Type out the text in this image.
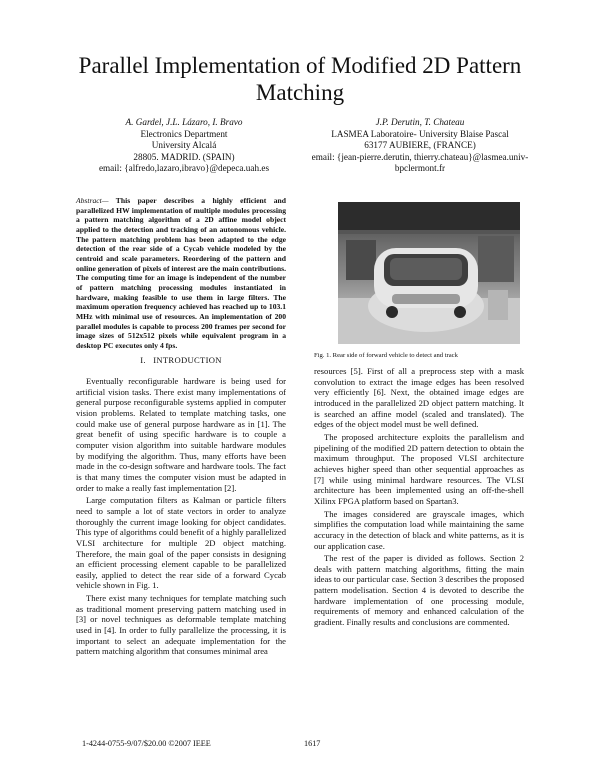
Parallel Implementation of Modified 2D Pattern Matching
A. Gardel, J.L. Lázaro, I. Bravo
Electronics Department
University Alcalá
28805. MADRID. (SPAIN)
email: {alfredo,lazaro,ibravo}@depeca.uah.es
J.P. Derutin, T. Chateau
LASMEA Laboratoire- University Blaise Pascal
63177 AUBIERE, (FRANCE)
email: {jean-pierre.derutin, thierry.chateau}@lasmea.univ-bpclermont.fr
Abstract— This paper describes a highly efficient and parallelized HW implementation of multiple modules processing a pattern matching algorithm of a 2D affine model object applied to the detection and tracking of an autonomous vehicle. The pattern matching problem has been adapted to the edge detection of the rear side of a Cycab vehicle modeled by the centroid and scale parameters. Reordering of the pattern and online generation of pixels of interest are the main contributions. The computing time for an image is independent of the number of pattern matching processing modules instantiated in hardware, making feasible to use them in large filters. The maximum operation frequency achieved has reached up to 103.1 MHz with minimal use of resources. An implementation of 200 parallel modules is capable to process 200 frames per second for image sizes of 512x512 pixels while equivalent program in a desktop PC executes only 4 fps.
I. INTRODUCTION

Eventually reconfigurable hardware is being used for artificial vision tasks. There exist many implementations of general purpose reconfigurable systems applied in computer vision problems. Related to template matching tasks, one could make use of general purpose hardware as in [1]. The great benefit of using specific hardware is to couple a computer vision algorithm into suitable hardware modules by modifying the algorithm. Thus, many efforts have been made in the co-design software and hardware tools. The fact is that many times the computer vision must be adapted in order to make a really fast implementation [2].

Large computation filters as Kalman or particle filters need to sample a lot of state vectors in order to analyze thoroughly the current image looking for object candidates. This type of algorithms could benefit of a highly parallelized VLSI architecture for multiple 2D object matching. Therefore, the main goal of the paper consists in designing an efficient processing element capable to be parallelized easily, applied to detect the rear side of a forward Cycab vehicle shown in Fig. 1.

There exist many techniques for template matching such as traditional moment preserving pattern matching used in [3] or novel techniques as deformable template matching used in [4]. In order to fully parallelize the processing, it is important to select an adequate implementation for the pattern matching algorithm that consumes minimal area

Fig. 1. Rear side of forward vehicle to detect and track

resources [5]. First of all a preprocess step with a mask convolution to extract the image edges has been resolved very efficiently [6]. Next, the obtained image edges are introduced in the parallelized 2D object pattern matching. It is searched an affine model (scaled and translated). The edges of the object model must be well defined.

The proposed architecture exploits the parallelism and pipelining of the modified 2D pattern detection to obtain the maximum throughput. The proposed VLSI architecture achieves higher speed than other sequential approaches as [7] while using minimal hardware resources. The VLSI architecture has been implemented using an off-the-shell Xilinx FPGA platform based on Spartan3.

The images considered are grayscale images, which simplifies the computation load while maintaining the same accuracy in the detection of black and white patterns, as it is our application case.

The rest of the paper is divided as follows. Section 2 deals with pattern matching algorithms, fitting the main ideas to our particular case. Section 3 describes the proposed pattern modelisation. Section 4 is devoted to describe the hardware implementation of one processing module, requirements of memory and enhanced calculation of the gradient. Finally results and conclusions are commented.

1-4244-0755-9/07/$20.00 ©2007 IEEE	1617
